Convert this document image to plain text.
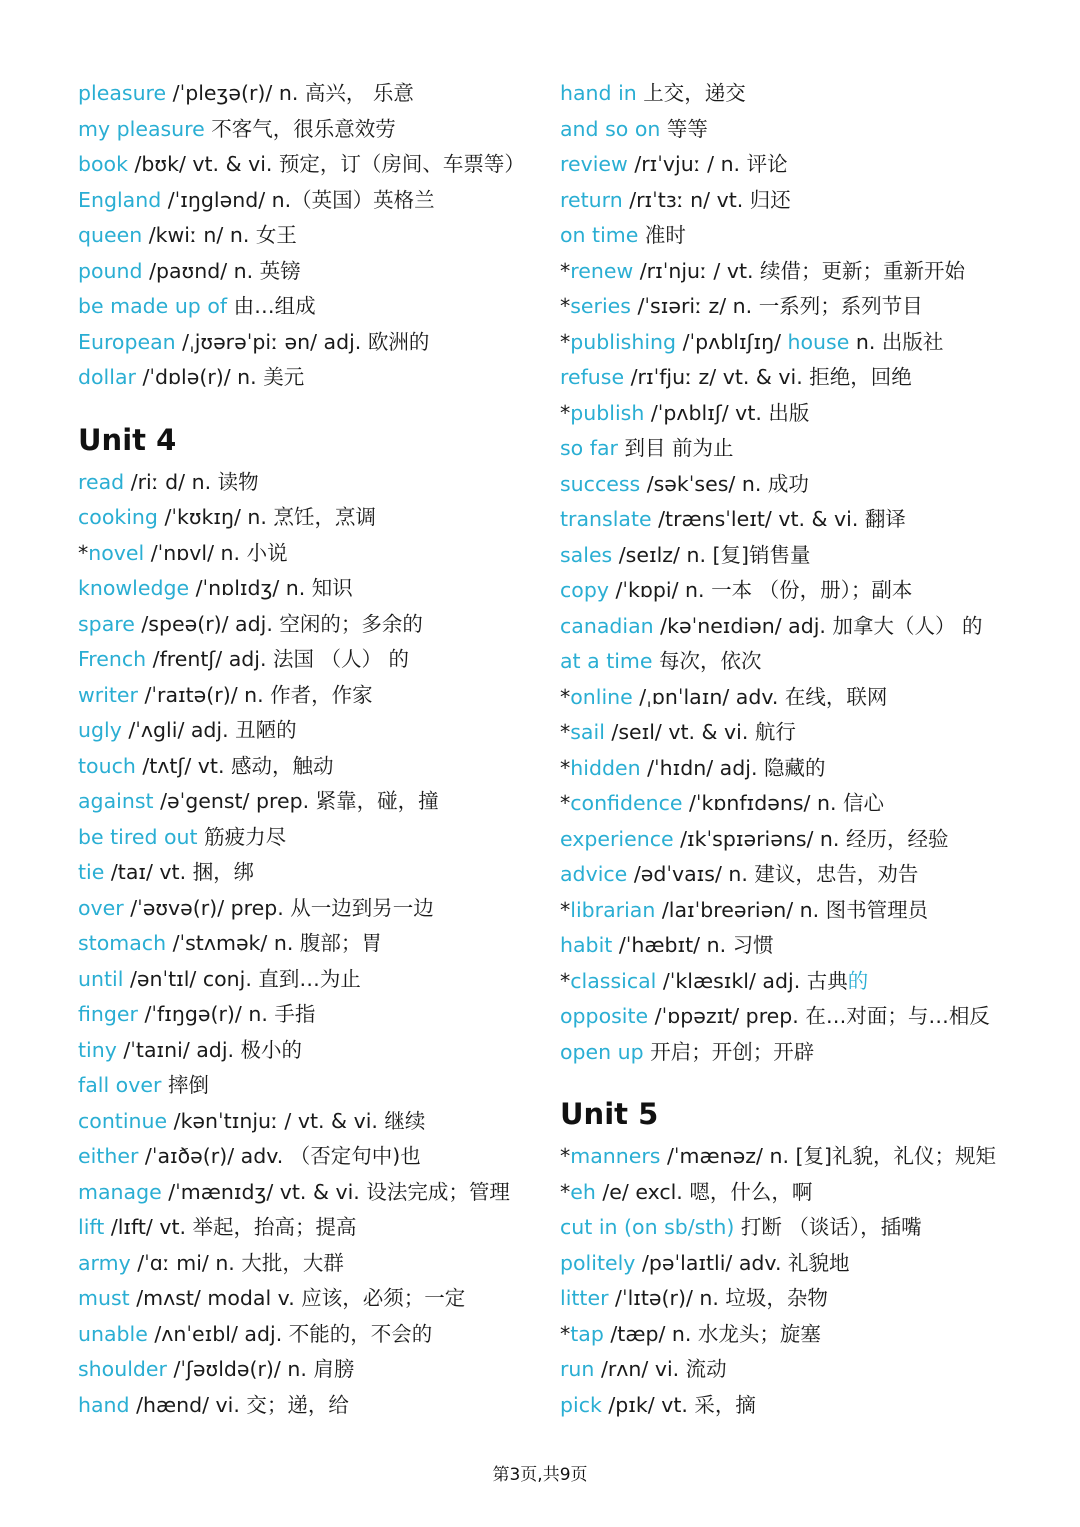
pleasure /ˈpleʒə(r)/ n. 高兴， 乐意
my pleasure 不客气，很乐意效劳
book /bʊk/ vt. & vi. 预定，订（房间、车票等）
England /ˈɪŋglənd/ n.（英国）英格兰
queen /kwiː n/ n. 女王
pound /paʊnd/ n. 英镑
be made up of 由…组成
European /ˌjʊərəˈpiː ən/ adj. 欧洲的
dollar /ˈdɒlə(r)/ n. 美元
Unit 4
read /riː d/ n. 读物
cooking /ˈkʊkɪŋ/ n. 烹饪，烹调
*novel /ˈnɒvl/ n. 小说
knowledge /ˈnɒlɪdʒ/ n. 知识
spare /speə(r)/ adj. 空闲的；多余的
French /frentʃ/ adj. 法国 （人） 的
writer /ˈraɪtə(r)/ n. 作者，作家
ugly /ˈʌgli/ adj. 丑陋的
touch /tʌtʃ/ vt. 感动，触动
against /əˈgenst/ prep. 紧靠，碰，撞
be tired out 筋疲力尽
tie /taɪ/ vt. 捆，绑
over /ˈəʊvə(r)/ prep. 从一边到另一边
stomach /ˈstʌmək/ n. 腹部；胃
until /ənˈtɪl/ conj. 直到…为止
finger /ˈfɪŋgə(r)/ n. 手指
tiny /ˈtaɪni/ adj. 极小的
fall over 摔倒
continue /kənˈtɪnjuː / vt. & vi. 继续
either /ˈaɪðə(r)/ adv. （否定句中)也
manage /ˈmænɪdʒ/ vt. & vi. 设法完成；管理
lift /lɪft/ vt. 举起，抬高；提高
army /ˈɑː mi/ n. 大批，大群
must /mʌst/ modal v. 应该，必须；一定
unable /ʌnˈeɪbl/ adj. 不能的，不会的
shoulder /ˈʃəʊldə(r)/ n. 肩膀
hand /hænd/ vi. 交；递，给
hand in 上交，递交
and so on 等等
review /rɪˈvjuː / n. 评论
return /rɪˈtɜː n/ vt. 归还
on time 准时
*renew /rɪˈnjuː / vt. 续借；更新；重新开始
*series /ˈsɪəriː z/ n. 一系列；系列节目
*publishing /ˈpʌblɪʃɪŋ/ house n. 出版社
refuse /rɪˈfjuː z/ vt. & vi. 拒绝，回绝
*publish /ˈpʌblɪʃ/ vt. 出版
so far 到目 前为止
success /səkˈses/ n. 成功
translate /trænsˈleɪt/ vt. & vi. 翻译
sales /seɪlz/ n. [复]销售量
copy /ˈkɒpi/ n. 一本 （份，册）；副本
canadian /kəˈneɪdiən/ adj. 加拿大（人） 的
at a time 每次，依次
*online /ˌɒnˈlaɪn/ adv. 在线，联网
*sail /seɪl/ vt. & vi. 航行
*hidden /ˈhɪdn/ adj. 隐藏的
*confidence /ˈkɒnfɪdəns/ n. 信心
experience /ɪkˈspɪəriəns/ n. 经历，经验
advice /ədˈvaɪs/ n. 建议，忠告，劝告
*librarian /laɪˈbreəriən/ n. 图书管理员
habit /ˈhæbɪt/ n. 习惯
*classical /ˈklæsɪkl/ adj. 古典的
opposite /ˈɒpəzɪt/ prep. 在…对面；与…相反
open up 开启；开创；开辟
Unit 5
*manners /ˈmænəz/ n. [复]礼貌，礼仪；规矩
*eh /e/ excl. 嗯，什么，啊
cut in (on sb/sth) 打断 （谈话），插嘴
politely /pəˈlaɪtli/ adv. 礼貌地
litter /ˈlɪtə(r)/ n. 垃圾，杂物
*tap /tæp/ n. 水龙头；旋塞
run /rʌn/ vi. 流动
pick /pɪk/ vt. 采，摘
第3页,共9页
